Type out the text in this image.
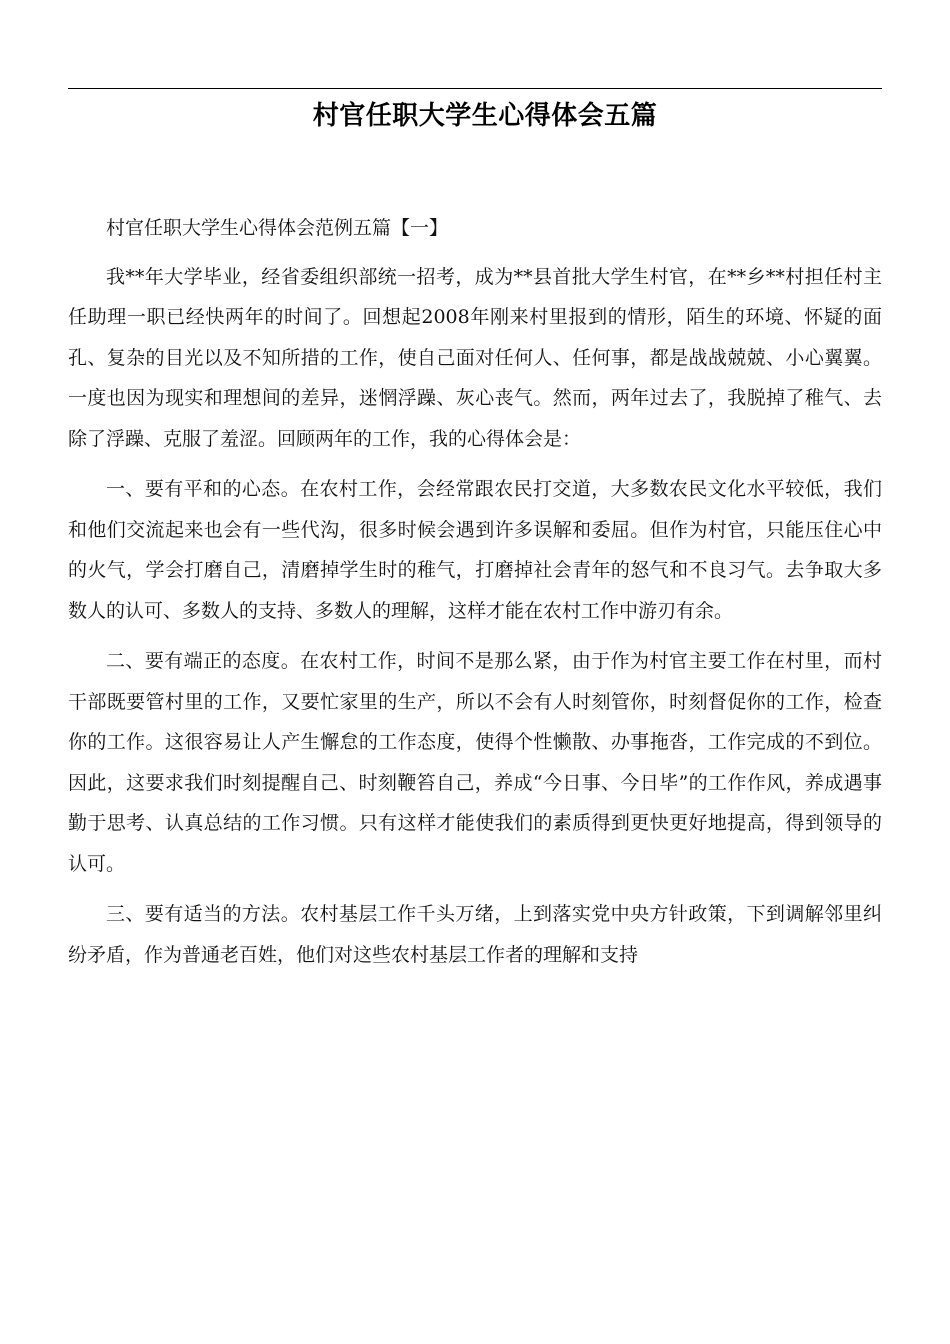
村官任职大学生心得体会五篇

村官任职大学生心得体会范例五篇【一】

我**年大学毕业，经省委组织部统一招考，成为**县首批大学生村官，在**乡**村担任村主任助理一职已经快两年的时间了。回想起2008年刚来村里报到的情形，陌生的环境、怀疑的面孔、复杂的目光以及不知所措的工作，使自己面对任何人、任何事，都是战战兢兢、小心翼翼。一度也因为现实和理想间的差异，迷惘浮躁、灰心丧气。然而，两年过去了，我脱掉了稚气、去除了浮躁、克服了羞涩。回顾两年的工作，我的心得体会是：

一、要有平和的心态。在农村工作，会经常跟农民打交道，大多数农民文化水平较低，我们和他们交流起来也会有一些代沟，很多时候会遇到许多误解和委屈。但作为村官，只能压住心中的火气，学会打磨自己，清磨掉学生时的稚气，打磨掉社会青年的怒气和不良习气。去争取大多数人的认可、多数人的支持、多数人的理解，这样才能在农村工作中游刃有余。

二、要有端正的态度。在农村工作，时间不是那么紧，由于作为村官主要工作在村里，而村干部既要管村里的工作，又要忙家里的生产，所以不会有人时刻管你，时刻督促你的工作，检查你的工作。这很容易让人产生懈怠的工作态度，使得个性懒散、办事拖沓，工作完成的不到位。因此，这要求我们时刻提醒自己、时刻鞭笞自己，养成“今日事、今日毕”的工作作风，养成遇事勤于思考、认真总结的工作习惯。只有这样才能使我们的素质得到更快更好地提高，得到领导的认可。

三、要有适当的方法。农村基层工作千头万绪，上到落实党中央方针政策，下到调解邻里纠纷矛盾，作为普通老百姓，他们对这些农村基层工作者的理解和支持
